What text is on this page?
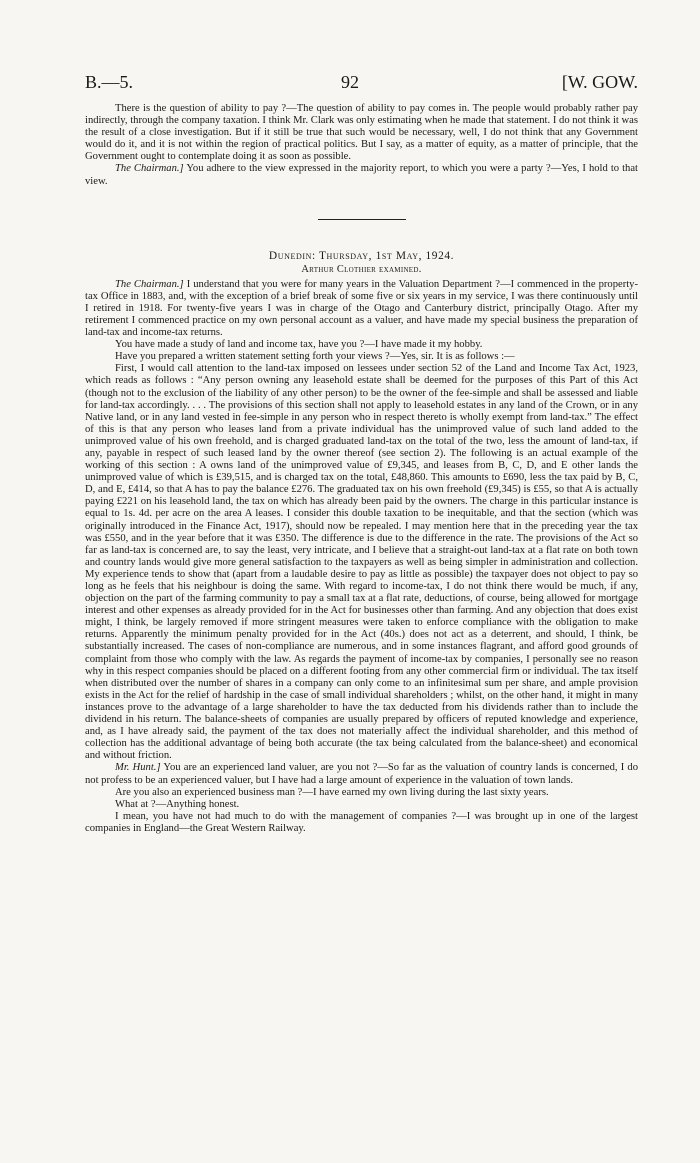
B.—5.	92	[W. GOW.

There is the question of ability to pay ?—The question of ability to pay comes in. The people would probably rather pay indirectly, through the company taxation. I think Mr. Clark was only estimating when he made that statement. I do not think it was the result of a close investigation. But if it still be true that such would be necessary, well, I do not think that any Government would do it, and it is not within the region of practical politics. But I say, as a matter of equity, as a matter of principle, that the Government ought to contemplate doing it as soon as possible.

The Chairman.] You adhere to the view expressed in the majority report, to which you were a party ?—Yes, I hold to that view.

Dunedin: Thursday, 1st May, 1924.
Arthur Clothier examined.

The Chairman.] I understand that you were for many years in the Valuation Department ?—I commenced in the property-tax Office in 1883, and, with the exception of a brief break of some five or six years in my service, I was there continuously until I retired in 1918. For twenty-five years I was in charge of the Otago and Canterbury district, principally Otago. After my retirement I commenced practice on my own personal account as a valuer, and have made my special business the preparation of land-tax and income-tax returns.

You have made a study of land and income tax, have you ?—I have made it my hobby.

Have you prepared a written statement setting forth your views ?—Yes, sir. It is as follows :—

First, I would call attention to the land-tax imposed on lessees under section 52 of the Land and Income Tax Act, 1923, which reads as follows : “Any person owning any leasehold estate shall be deemed for the purposes of this Part of this Act (though not to the exclusion of the liability of any other person) to be the owner of the fee-simple and shall be assessed and liable for land-tax accordingly. . . . The provisions of this section shall not apply to leasehold estates in any land of the Crown, or in any Native land, or in any land vested in fee-simple in any person who in respect thereto is wholly exempt from land-tax.” The effect of this is that any person who leases land from a private individual has the unimproved value of such land added to the unimproved value of his own freehold, and is charged graduated land-tax on the total of the two, less the amount of land-tax, if any, payable in respect of such leased land by the owner thereof (see section 2). The following is an actual example of the working of this section : A owns land of the unimproved value of £9,345, and leases from B, C, D, and E other lands the unimproved value of which is £39,515, and is charged tax on the total, £48,860. This amounts to £690, less the tax paid by B, C, D, and E, £414, so that A has to pay the balance £276. The graduated tax on his own freehold (£9,345) is £55, so that A is actually paying £221 on his leasehold land, the tax on which has already been paid by the owners. The charge in this particular instance is equal to 1s. 4d. per acre on the area A leases. I consider this double taxation to be inequitable, and that the section (which was originally introduced in the Finance Act, 1917), should now be repealed. I may mention here that in the preceding year the tax was £550, and in the year before that it was £350. The difference is due to the difference in the rate. The provisions of the Act so far as land-tax is concerned are, to say the least, very intricate, and I believe that a straight-out land-tax at a flat rate on both town and country lands would give more general satisfaction to the taxpayers as well as being simpler in administration and collection. My experience tends to show that (apart from a laudable desire to pay as little as possible) the taxpayer does not object to pay so long as he feels that his neighbour is doing the same. With regard to income-tax, I do not think there would be much, if any, objection on the part of the farming community to pay a small tax at a flat rate, deductions, of course, being allowed for mortgage interest and other expenses as already provided for in the Act for businesses other than farming. And any objection that does exist might, I think, be largely removed if more stringent measures were taken to enforce compliance with the obligation to make returns. Apparently the minimum penalty provided for in the Act (40s.) does not act as a deterrent, and should, I think, be substantially increased. The cases of non-compliance are numerous, and in some instances flagrant, and afford good grounds of complaint from those who comply with the law. As regards the payment of income-tax by companies, I personally see no reason why in this respect companies should be placed on a different footing from any other commercial firm or individual. The tax itself when distributed over the number of shares in a company can only come to an infinitesimal sum per share, and ample provision exists in the Act for the relief of hardship in the case of small individual shareholders ; whilst, on the other hand, it might in many instances prove to the advantage of a large shareholder to have the tax deducted from his dividends rather than to include the dividend in his return. The balance-sheets of companies are usually prepared by officers of reputed knowledge and experience, and, as I have already said, the payment of the tax does not materially affect the individual shareholder, and this method of collection has the additional advantage of being both accurate (the tax being calculated from the balance-sheet) and economical and without friction.

Mr. Hunt.] You are an experienced land valuer, are you not ?—So far as the valuation of country lands is concerned, I do not profess to be an experienced valuer, but I have had a large amount of experience in the valuation of town lands.

Are you also an experienced business man ?—I have earned my own living during the last sixty years.

What at ?—Anything honest.

I mean, you have not had much to do with the management of companies ?—I was brought up in one of the largest companies in England—the Great Western Railway.
